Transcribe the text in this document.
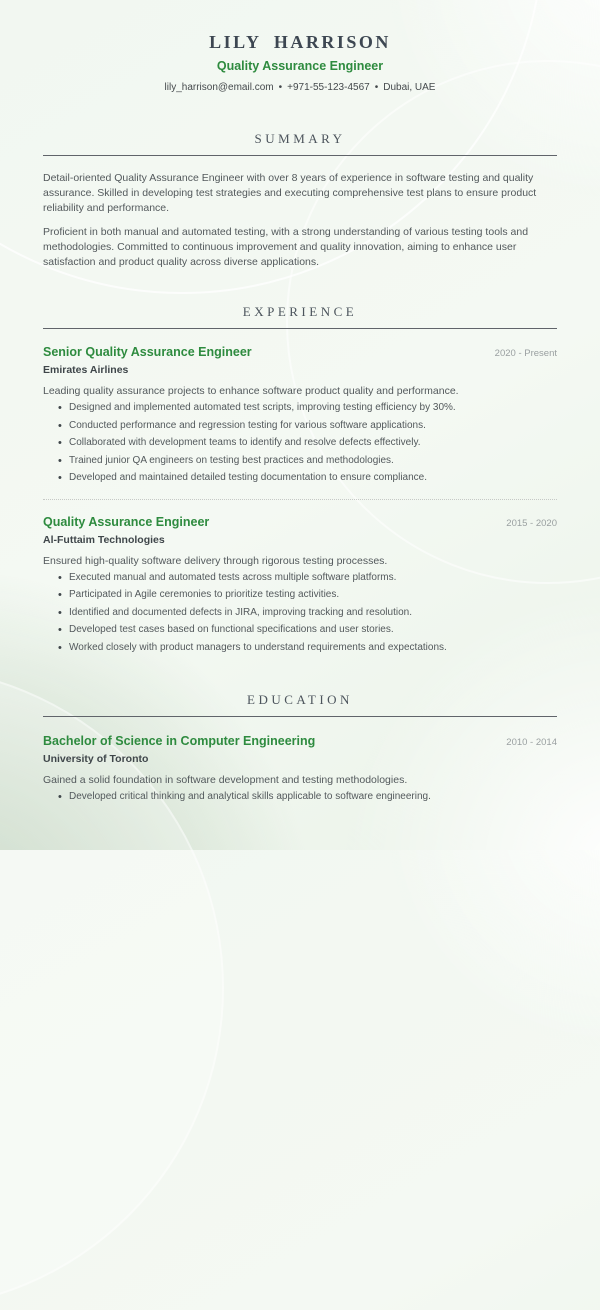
LILY HARRISON
Quality Assurance Engineer
lily_harrison@email.com • +971-55-123-4567 • Dubai, UAE
SUMMARY

Detail-oriented Quality Assurance Engineer with over 8 years of experience in software testing and quality assurance. Skilled in developing test strategies and executing comprehensive test plans to ensure product reliability and performance.

Proficient in both manual and automated testing, with a strong understanding of various testing tools and methodologies. Committed to continuous improvement and quality innovation, aiming to enhance user satisfaction and product quality across diverse applications.

EXPERIENCE
Senior Quality Assurance Engineer	2020 - Present
Emirates Airlines
Leading quality assurance projects to enhance software product quality and performance.
• Designed and implemented automated test scripts, improving testing efficiency by 30%.
• Conducted performance and regression testing for various software applications.
• Collaborated with development teams to identify and resolve defects effectively.
• Trained junior QA engineers on testing best practices and methodologies.
• Developed and maintained detailed testing documentation to ensure compliance.
Quality Assurance Engineer	2015 - 2020
Al-Futtaim Technologies
Ensured high-quality software delivery through rigorous testing processes.
• Executed manual and automated tests across multiple software platforms.
• Participated in Agile ceremonies to prioritize testing activities.
• Identified and documented defects in JIRA, improving tracking and resolution.
• Developed test cases based on functional specifications and user stories.
• Worked closely with product managers to understand requirements and expectations.
EDUCATION
Bachelor of Science in Computer Engineering	2010 - 2014
University of Toronto
Gained a solid foundation in software development and testing methodologies.
• Developed critical thinking and analytical skills applicable to software engineering.
